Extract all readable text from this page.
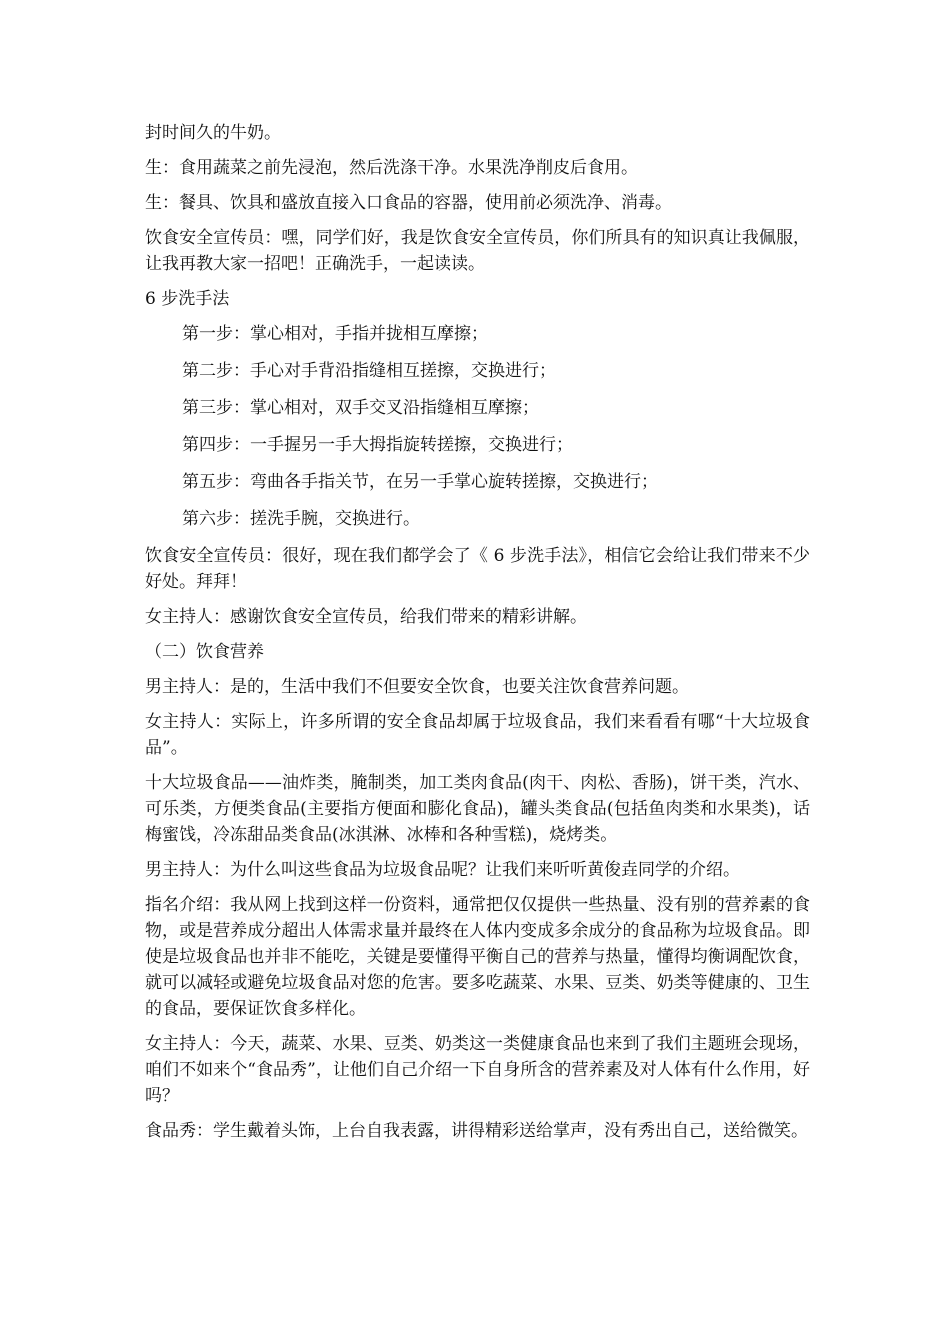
封时间久的牛奶。

生：食用蔬菜之前先浸泡，然后洗涤干净。水果洗净削皮后食用。

生：餐具、饮具和盛放直接入口食品的容器，使用前必须洗净、消毒。

饮食安全宣传员：嘿，同学们好，我是饮食安全宣传员，你们所具有的知识真让我佩服，让我再教大家一招吧！正确洗手，一起读读。

6 步洗手法

第一步：掌心相对，手指并拢相互摩擦；

第二步：手心对手背沿指缝相互搓擦，交换进行；

第三步：掌心相对，双手交叉沿指缝相互摩擦；

第四步：一手握另一手大拇指旋转搓擦，交换进行；

第五步：弯曲各手指关节，在另一手掌心旋转搓擦，交换进行；

第六步：搓洗手腕，交换进行。

饮食安全宣传员：很好，现在我们都学会了《 6 步洗手法》，相信它会给让我们带来不少好处。拜拜！

女主持人：感谢饮食安全宣传员，给我们带来的精彩讲解。

（二）饮食营养

男主持人：是的，生活中我们不但要安全饮食，也要关注饮食营养问题。

女主持人：实际上，许多所谓的安全食品却属于垃圾食品，我们来看看有哪“十大垃圾食品”。

十大垃圾食品——油炸类，腌制类，加工类肉食品(肉干、肉松、香肠)，饼干类，汽水、可乐类，方便类食品(主要指方便面和膨化食品)，罐头类食品(包括鱼肉类和水果类)，话梅蜜饯，冷冻甜品类食品(冰淇淋、冰棒和各种雪糕)，烧烤类。

男主持人：为什么叫这些食品为垃圾食品呢？让我们来听听黄俊垚同学的介绍。

指名介绍：我从网上找到这样一份资料，通常把仅仅提供一些热量、没有别的营养素的食物，或是营养成分超出人体需求量并最终在人体内变成多余成分的食品称为垃圾食品。即使是垃圾食品也并非不能吃，关键是要懂得平衡自己的营养与热量，懂得均衡调配饮食，就可以减轻或避免垃圾食品对您的危害。要多吃蔬菜、水果、豆类、奶类等健康的、卫生的食品，要保证饮食多样化。

女主持人：今天，蔬菜、水果、豆类、奶类这一类健康食品也来到了我们主题班会现场，咱们不如来个“食品秀”，让他们自己介绍一下自身所含的营养素及对人体有什么作用，好吗？

食品秀：学生戴着头饰，上台自我表露，讲得精彩送给掌声，没有秀出自己，送给微笑。
